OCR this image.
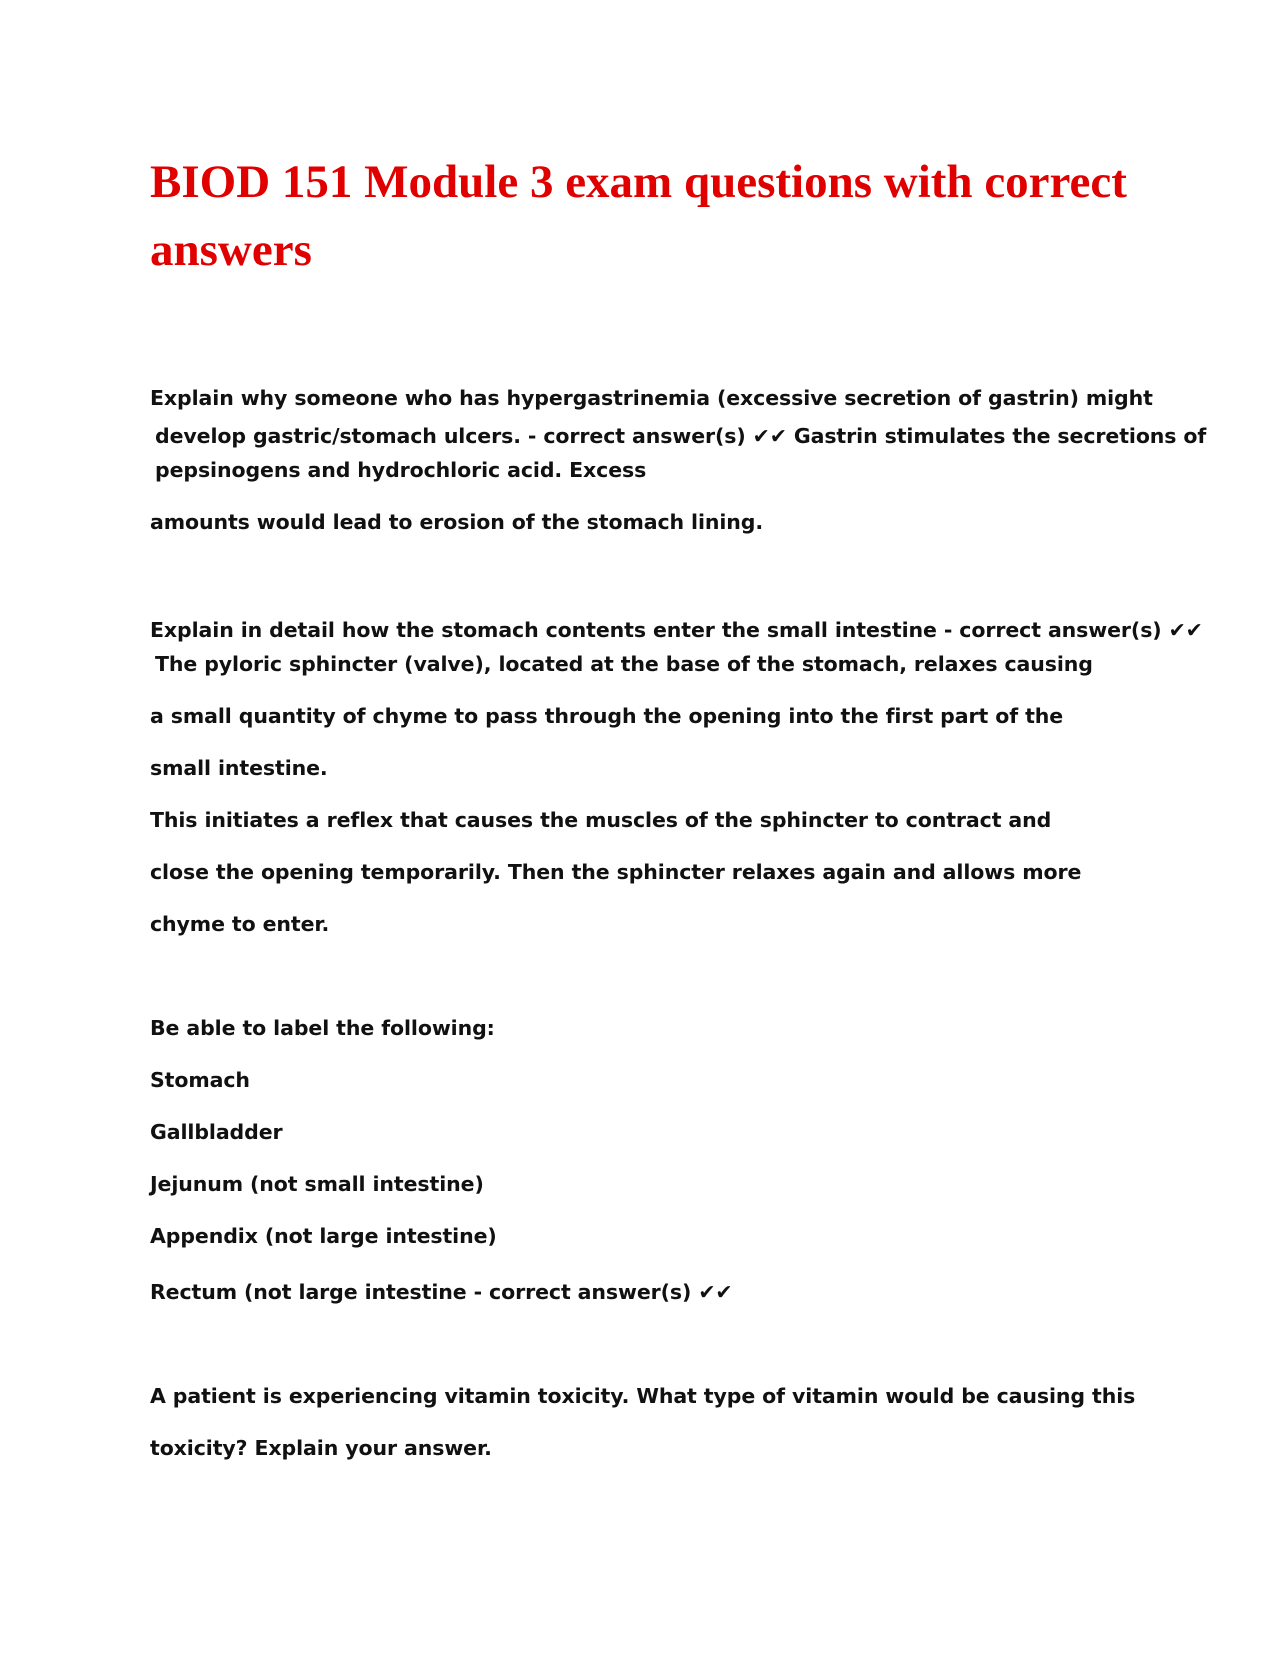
BIOD 151 Module 3 exam questions with correct answers

Explain why someone who has hypergastrinemia (excessive secretion of gastrin) might

develop gastric/stomach ulcers. - correct answer(s) ✔✔ Gastrin stimulates the secretions of

pepsinogens and hydrochloric acid. Excess

amounts would lead to erosion of the stomach lining.

Explain in detail how the stomach contents enter the small intestine - correct answer(s) ✔✔

The pyloric sphincter (valve), located at the base of the stomach, relaxes causing

a small quantity of chyme to pass through the opening into the first part of the

small intestine.

This initiates a reflex that causes the muscles of the sphincter to contract and

close the opening temporarily. Then the sphincter relaxes again and allows more

chyme to enter.

Be able to label the following:

Stomach

Gallbladder

Jejunum (not small intestine)

Appendix (not large intestine)

Rectum (not large intestine - correct answer(s) ✔✔

A patient is experiencing vitamin toxicity. What type of vitamin would be causing this

toxicity? Explain your answer.
